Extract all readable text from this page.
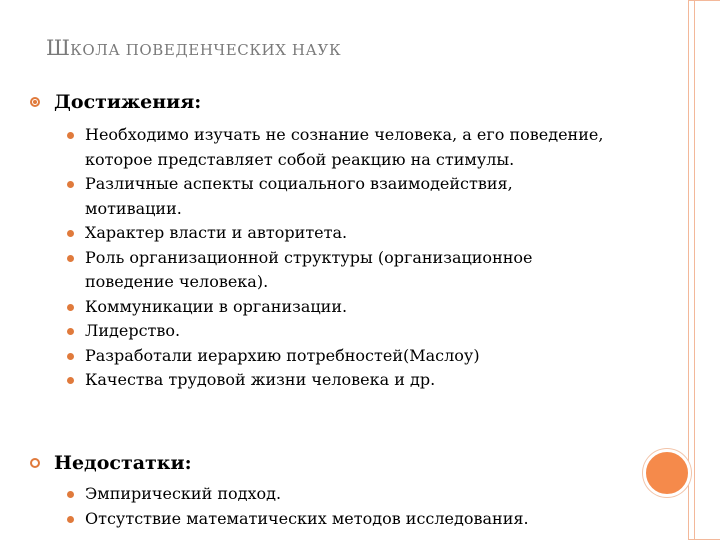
ШКОЛА ПОВЕДЕНЧЕСКИХ НАУК
Достижения:
Необходимо изучать не сознание человека, а его поведение, которое представляет собой реакцию на стимулы.
Различные аспекты социального взаимодействия, мотивации.
Характер власти и авторитета.
Роль организационной структуры (организационное поведение человека).
Коммуникации в организации.
Лидерство.
Разработали иерархию потребностей(Маслоу)
Качества трудовой жизни человека и др.
Недостатки:
Эмпирический подход.
Отсутствие математических методов исследования.
